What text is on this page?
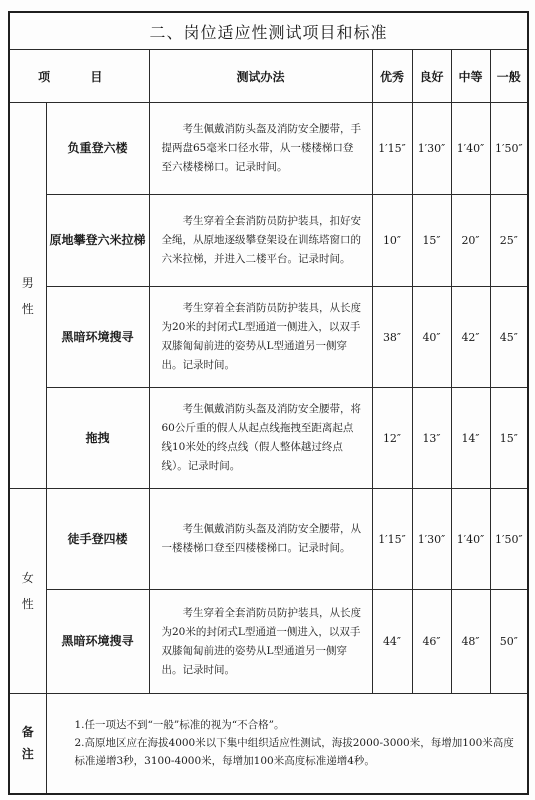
二、岗位适应性测试项目和标准						
项 目		测试办法	优秀	良好	中等	一般

男性	负重登六楼	考生佩戴消防头盔及消防安全腰带，手提两盘65毫米口径水带，从一楼楼梯口登至六楼楼梯口。记录时间。	1′15″	1′30″	1′40″	1′50″
	原地攀登六米拉梯	考生穿着全套消防员防护装具，扣好安全绳，从原地逐级攀登架设在训练塔窗口的六米拉梯，并进入二楼平台。记录时间。	10″	15″	20″	25″
	黑暗环境搜寻	考生穿着全套消防员防护装具，从长度为20米的封闭式L型通道一侧进入，以双手双膝匍匐前进的姿势从L型通道另一侧穿出。记录时间。	38″	40″	42″	45″
	拖拽	考生佩戴消防头盔及消防安全腰带，将60公斤重的假人从起点线拖拽至距离起点线10米处的终点线（假人整体越过终点线）。记录时间。	12″	13″	14″	15″

女性	徒手登四楼	考生佩戴消防头盔及消防安全腰带，从一楼楼梯口登至四楼楼梯口。记录时间。	1′15″	1′30″	1′40″	1′50″
	黑暗环境搜寻	考生穿着全套消防员防护装具，从长度为20米的封闭式L型通道一侧进入，以双手双膝匍匐前进的姿势从L型通道另一侧穿出。记录时间。	44″	46″	48″	50″

备注	1.任一项达不到“一般”标准的视为“不合格”。

2.高原地区应在海拔4000米以下集中组织适应性测试，海拔2000-3000米，每增加100米高度标准递增3秒，3100-4000米，每增加100米高度标准递增4秒。					
